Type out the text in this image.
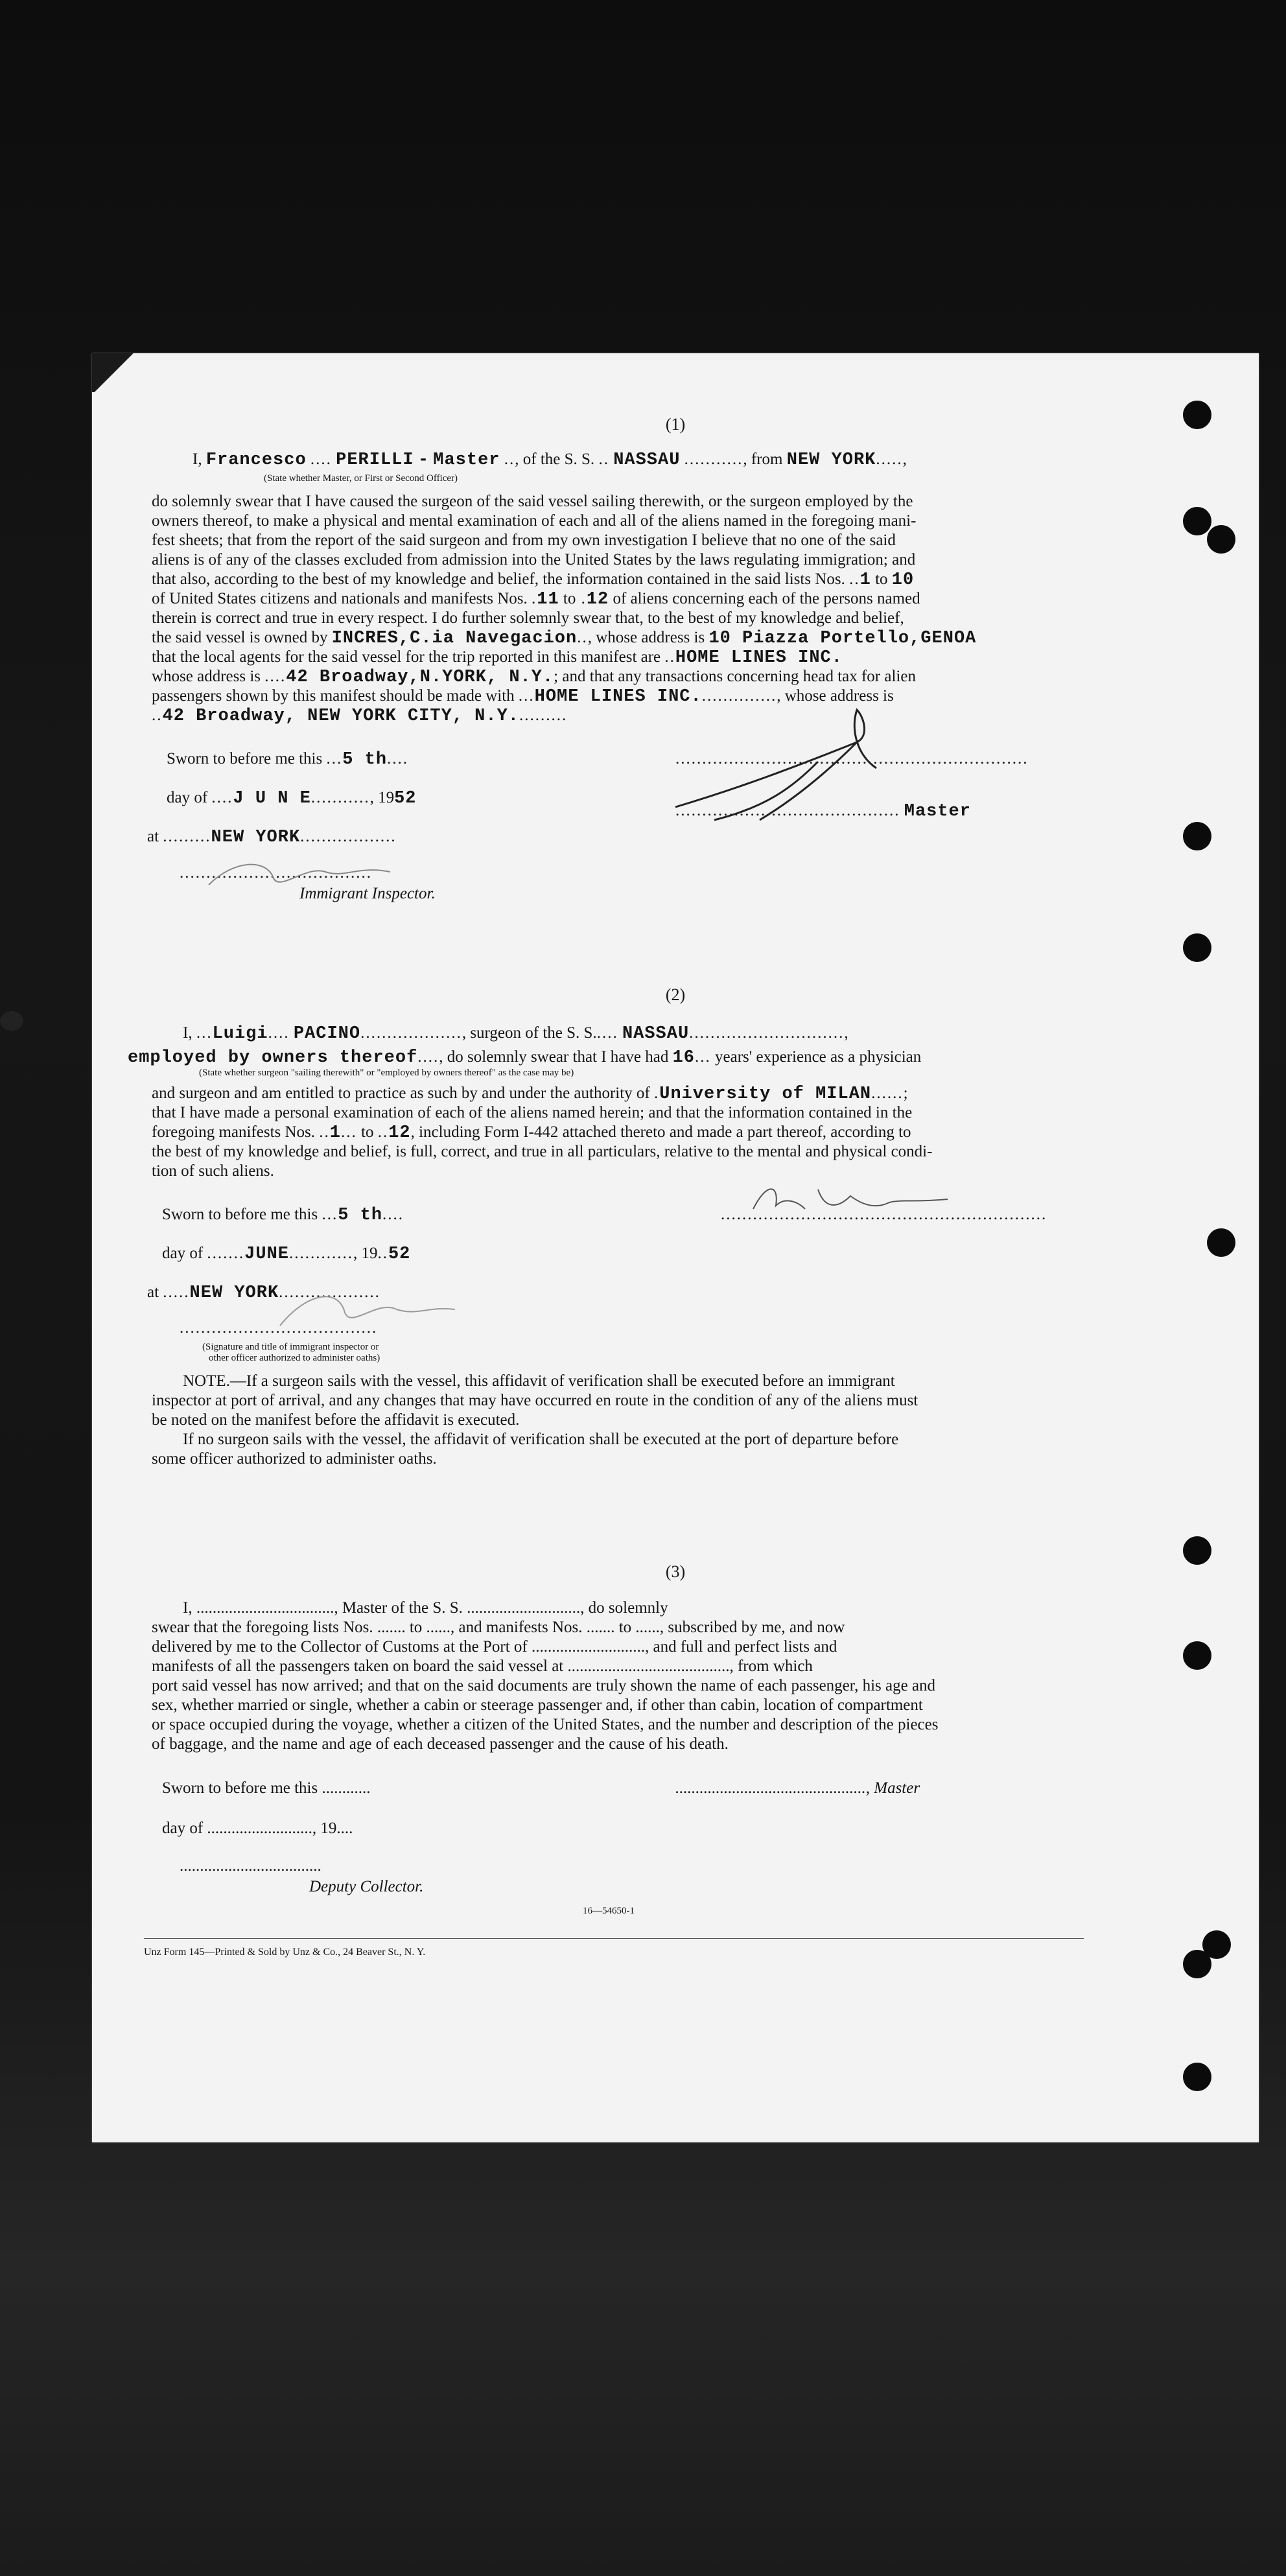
(1)
I, Francesco .... PERILLI - Master .., of the S. S. .. NASSAU ..........., from NEW YORK.....,
(State whether Master, or First or Second Officer)
do solemnly swear that I have caused the surgeon of the said vessel sailing therewith, or the surgeon employed by the
owners thereof, to make a physical and mental examination of each and all of the aliens named in the foregoing mani-
fest sheets; that from the report of the said surgeon and from my own investigation I believe that no one of the said
aliens is of any of the classes excluded from admission into the United States by the laws regulating immigration; and
that also, according to the best of my knowledge and belief, the information contained in the said lists Nos. ..1 to 10
of United States citizens and nationals and manifests Nos. .11 to .12 of aliens concerning each of the persons named
therein is correct and true in every respect. I do further solemnly swear that, to the best of my knowledge and belief,
the said vessel is owned by INCRES,C.ia Navegacion.., whose address is 10 Piazza Portello,GENOA
that the local agents for the said vessel for the trip reported in this manifest are ..HOME LINES INC.
whose address is ....42 Broadway,N.YORK, N.Y.; and that any transactions concerning head tax for alien
passengers shown by this manifest should be made with ...HOME LINES INC..............., whose address is
..42 Broadway, NEW YORK CITY, N.Y..........
Sworn to before me this ...5 th....	..................................................................
day of ....J U N E..........., 1952
.......................................... Master
at .........NEW YORK..................
....................................
Immigrant Inspector.
(2)
I, ...Luigi.... PACINO..................., surgeon of the S. S..... NASSAU.............................,
employed by owners thereof...., do solemnly swear that I have had 16... years' experience as a physician
(State whether surgeon "sailing therewith" or "employed by owners thereof" as the case may be)
and surgeon and am entitled to practice as such by and under the authority of .University of MILAN......;
that I have made a personal examination of each of the aliens named herein; and that the information contained in the
foregoing manifests Nos. ..1... to ..12, including Form I-442 attached thereto and made a part thereof, according to
the best of my knowledge and belief, is full, correct, and true in all particulars, relative to the mental and physical condi-
tion of such aliens.
Sworn to before me this ...5 th....	.............................................................
day of .......JUNE............, 19..52
at .....NEW YORK...................
.....................................
(Signature and title of immigrant inspector or
other officer authorized to administer oaths)
NOTE.—If a surgeon sails with the vessel, this affidavit of verification shall be executed before an immigrant
inspector at port of arrival, and any changes that may have occurred en route in the condition of any of the aliens must
be noted on the manifest before the affidavit is executed.
If no surgeon sails with the vessel, the affidavit of verification shall be executed at the port of departure before
some officer authorized to administer oaths.
(3)
I, .................................., Master of the S. S. ............................, do solemnly
swear that the foregoing lists Nos. ....... to ......, and manifests Nos. ....... to ......, subscribed by me, and now
delivered by me to the Collector of Customs at the Port of ............................, and full and perfect lists and
manifests of all the passengers taken on board the said vessel at ........................................, from which
port said vessel has now arrived; and that on the said documents are truly shown the name of each passenger, his age and
sex, whether married or single, whether a cabin or steerage passenger and, if other than cabin, location of compartment
or space occupied during the voyage, whether a citizen of the United States, and the number and description of the pieces
of baggage, and the name and age of each deceased passenger and the cause of his death.
Sworn to before me this ............	..............................................., Master
day of .........................., 19....
...................................
Deputy Collector.
16—54650-1
Unz Form 145—Printed & Sold by Unz & Co., 24 Beaver St., N. Y.
